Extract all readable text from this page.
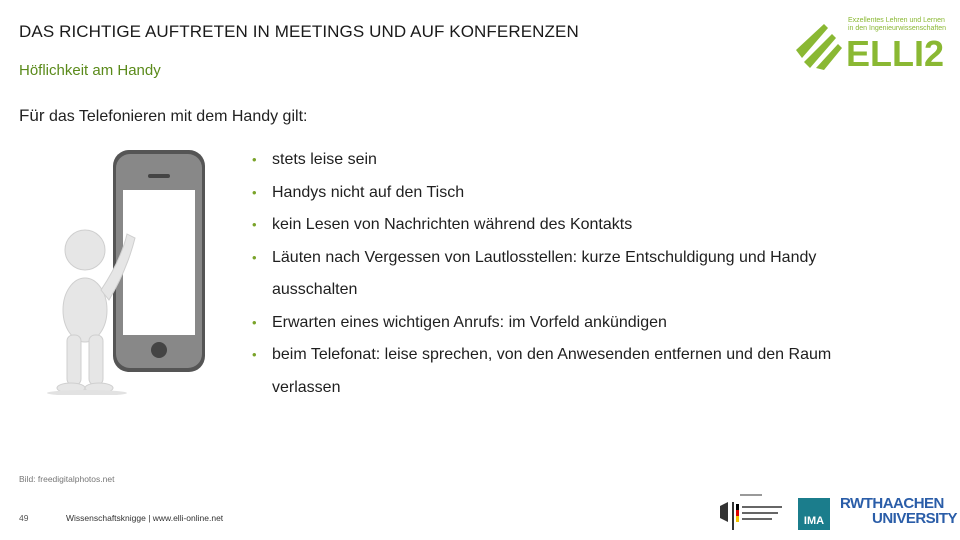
DAS RICHTIGE AUFTRETEN IN MEETINGS UND AUF KONFERENZEN
Höflichkeit am Handy	ELLI2
Exzellentes Lehren und Lernen
in den Ingenieurwissenschaften
Für das Telefonieren mit dem Handy gilt:
• stets leise sein
• Handys nicht auf den Tisch
• kein Lesen von Nachrichten während des Kontakts
• Läuten nach Vergessen von Lautlosstellen: kurze Entschuldigung und Handy
ausschalten
• Erwarten eines wichtigen Anrufs: im Vorfeld ankündigen
• beim Telefonat: leise sprechen, von den Anwesenden entfernen und den Raum
verlassen
Bild: freedigitalphotos.net
49	Wissenschaftsknigge | www.elli-online.net	IMA
RWTHAACHEN
UNIVERSITY
